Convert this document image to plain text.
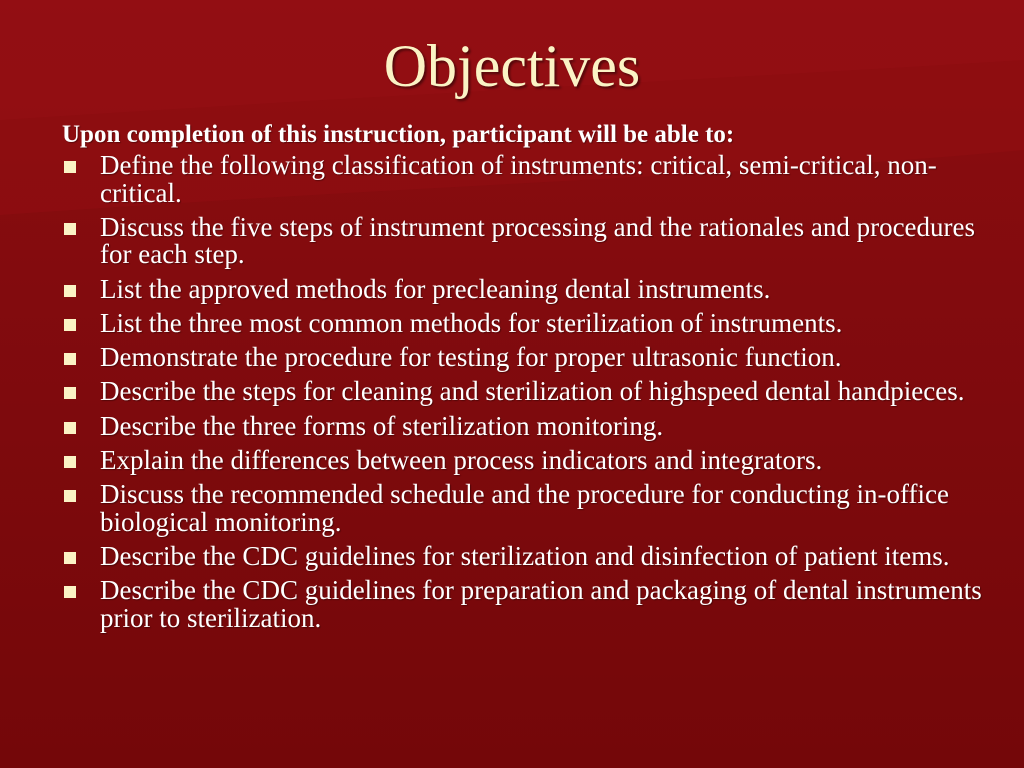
Objectives
Upon completion of this instruction, participant will be able to:
Define the following classification of instruments: critical, semi-critical, non-critical.
Discuss the five steps of instrument processing and the rationales and procedures for each step.
List the approved methods for precleaning dental instruments.
List the three most common methods for sterilization of instruments.
Demonstrate the procedure for testing for proper ultrasonic function.
Describe the steps for cleaning and sterilization of highspeed dental handpieces.
Describe the three forms of sterilization monitoring.
Explain the differences between process indicators and integrators.
Discuss the recommended schedule and the procedure for conducting in-office biological monitoring.
Describe the CDC guidelines for sterilization and disinfection of patient items.
Describe the CDC guidelines for preparation and packaging of dental instruments prior to sterilization.
